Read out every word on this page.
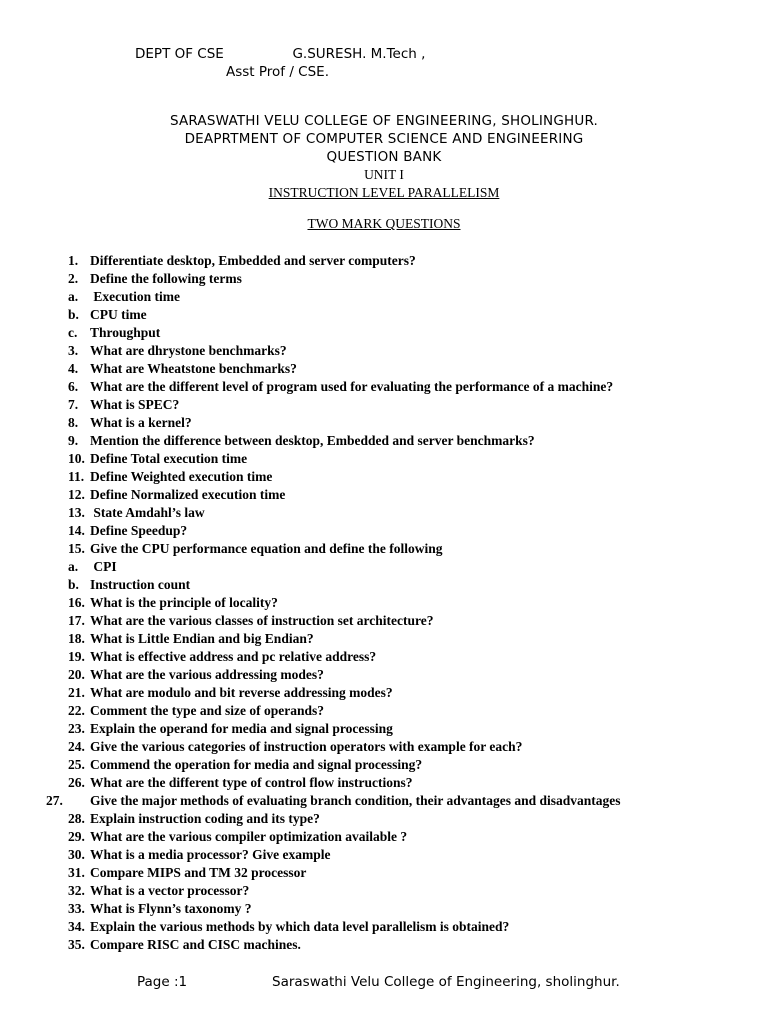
DEPT OF CSE                G.SURESH. M.Tech ,
Asst Prof / CSE.
SARASWATHI VELU COLLEGE OF ENGINEERING, SHOLINGHUR.
DEAPRTMENT OF COMPUTER SCIENCE AND ENGINEERING
QUESTION BANK
UNIT I
INSTRUCTION LEVEL PARALLELISM
TWO MARK QUESTIONS
1. Differentiate desktop, Embedded and server computers?
2. Define the following terms
a. Execution time
b. CPU time
c. Throughput
3. What are dhrystone benchmarks?
4. What are Wheatstone benchmarks?
6. What are the different level of program used for evaluating the performance of a machine?
7. What is SPEC?
8. What is a kernel?
9. Mention the difference between desktop, Embedded and server benchmarks?
10. Define Total execution time
11. Define Weighted execution time
12. Define Normalized execution time
13. State Amdahl’s law
14. Define Speedup?
15. Give the CPU performance equation and define the following
a. CPI
b. Instruction count
16. What is the principle of locality?
17. What are the various classes of instruction set architecture?
18. What is Little Endian and big Endian?
19. What is effective address and pc relative address?
20. What are the various addressing modes?
21. What are modulo and bit reverse addressing modes?
22. Comment the type and size of operands?
23. Explain the operand for media and signal processing
24. Give the various categories of instruction operators with example for each?
25. Commend the operation for media and signal processing?
26. What are the different type of control flow instructions?
27. Give the major methods of evaluating branch condition, their advantages and disadvantages
28. Explain instruction coding and its type?
29. What are the various compiler optimization available ?
30. What is a media processor? Give example
31. Compare MIPS and TM 32 processor
32. What is a vector processor?
33. What is Flynn’s taxonomy ?
34. Explain the various methods by which data level parallelism is obtained?
35. Compare RISC and CISC machines.
Page :1	Saraswathi Velu College of Engineering, sholinghur.
